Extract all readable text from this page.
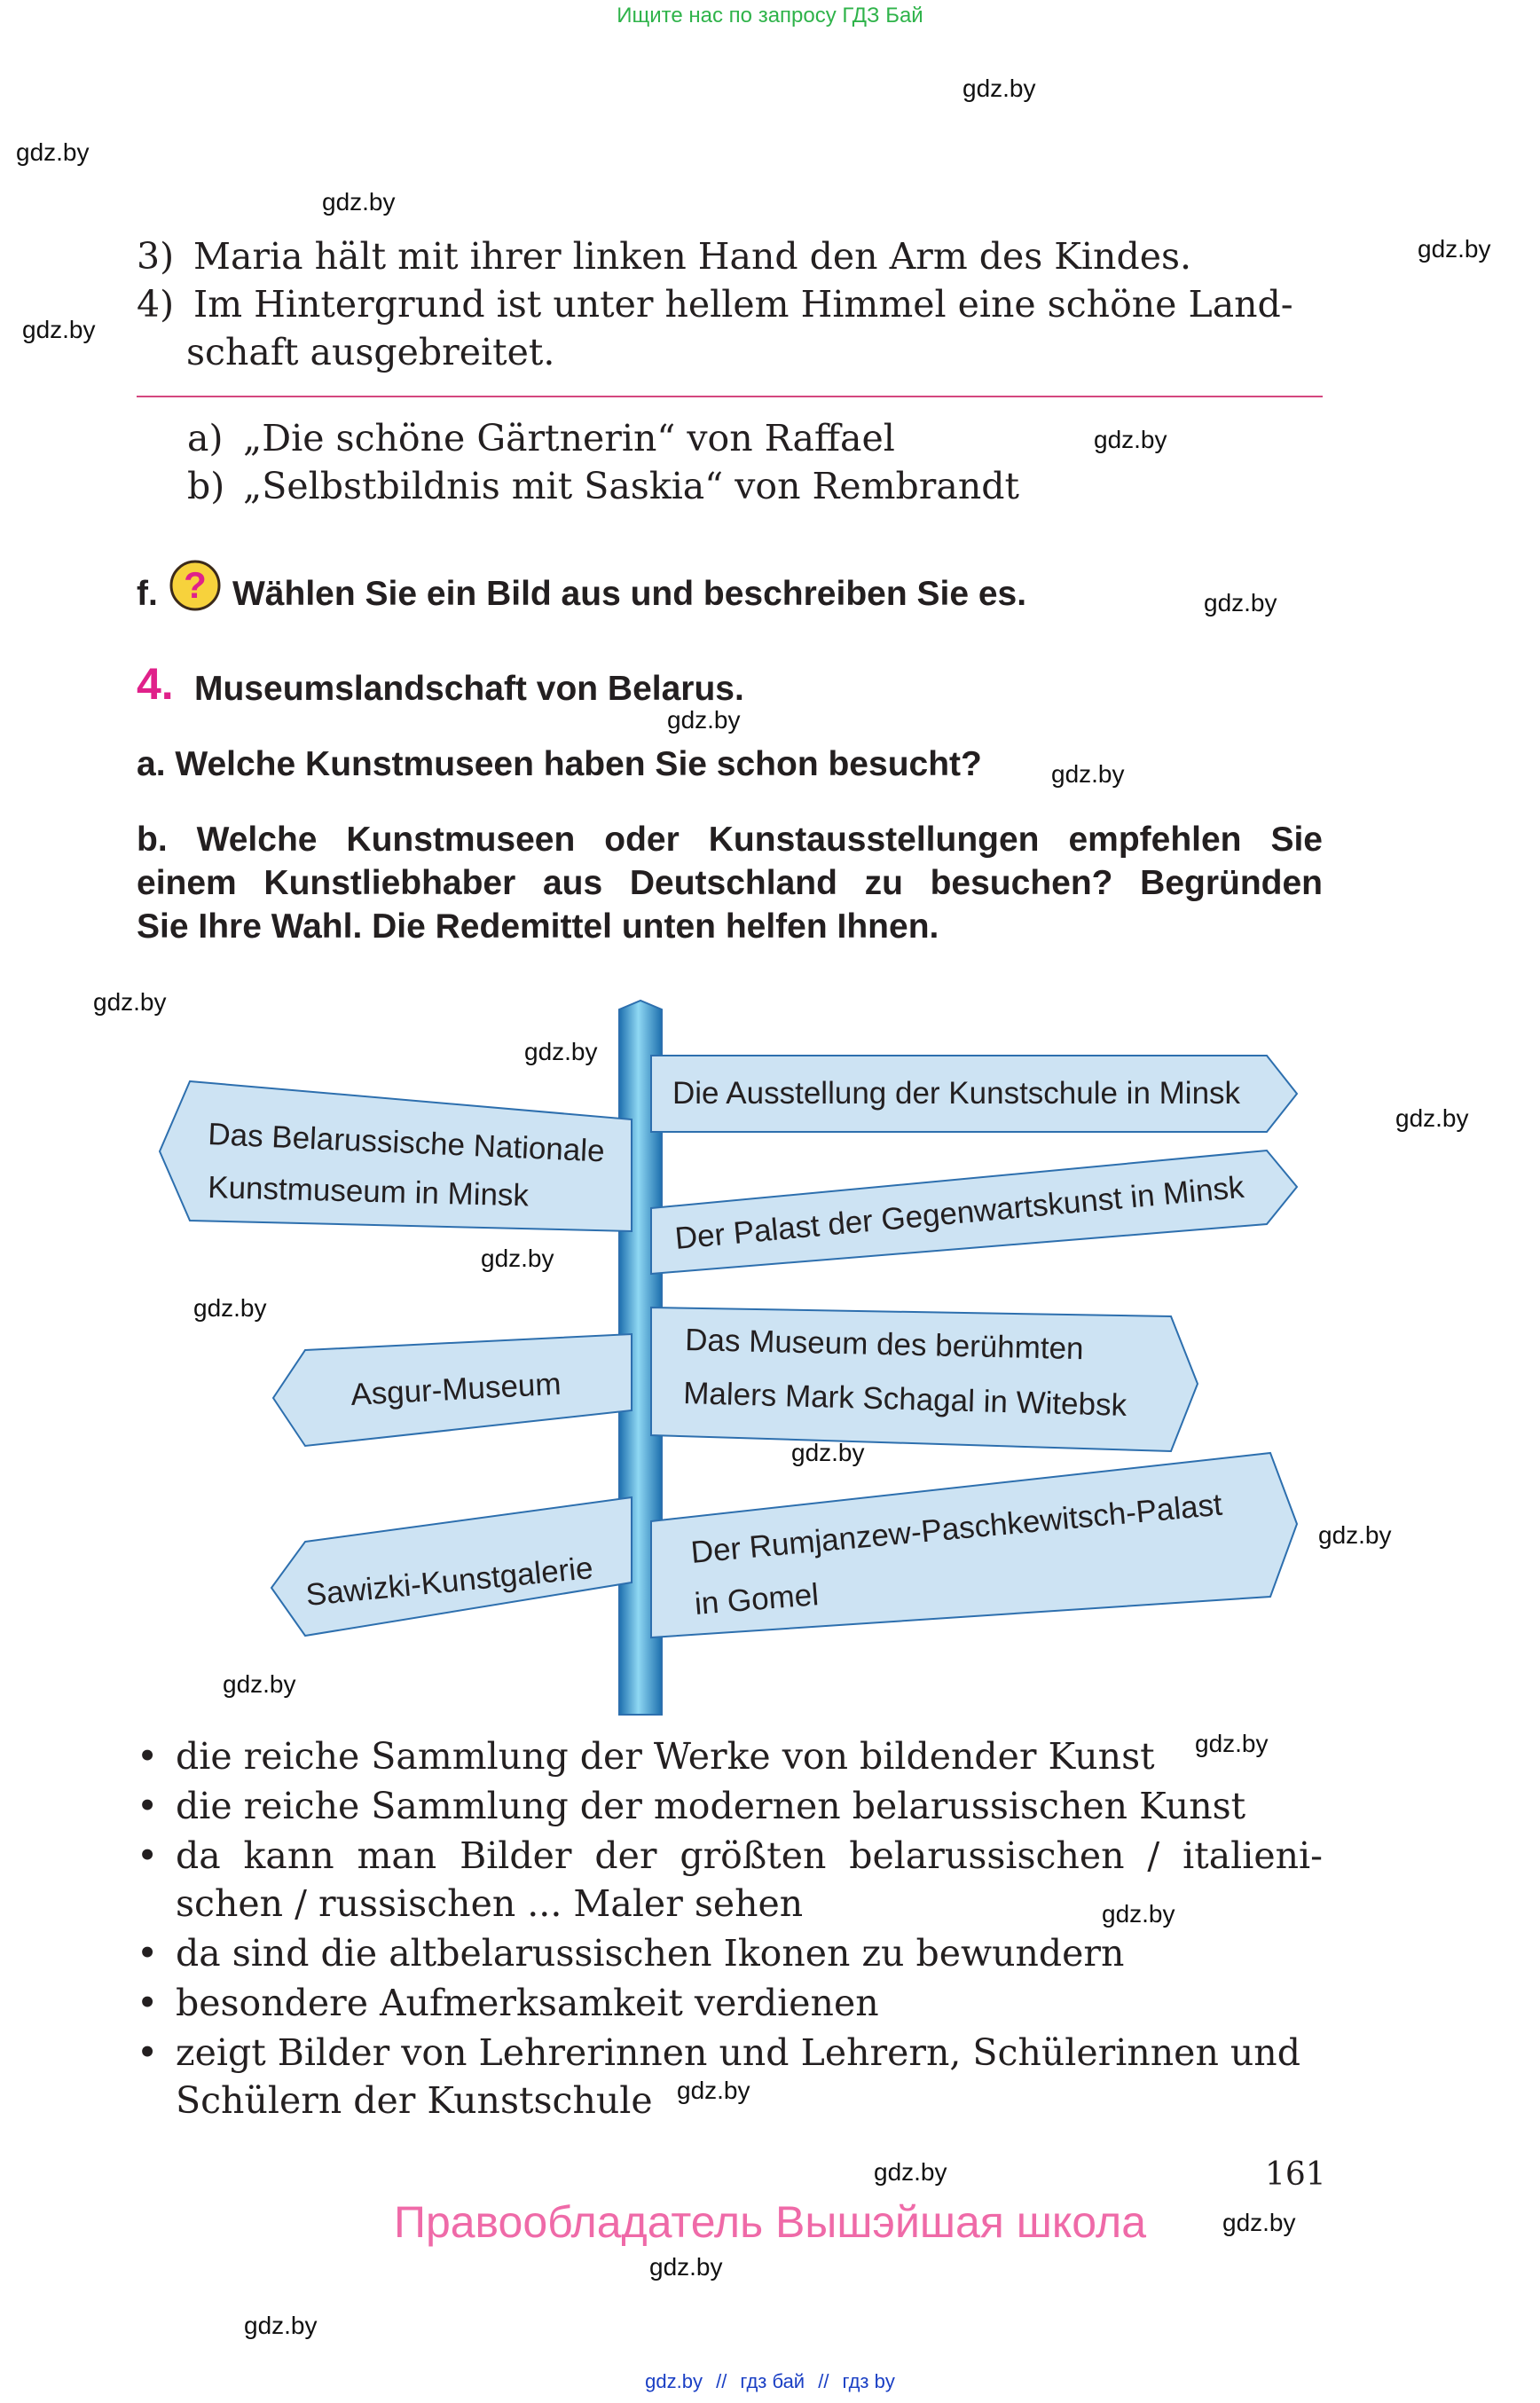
Ищите нас по запросу ГДЗ Бай
gdz.by
gdz.by
gdz.by
gdz.by
gdz.by
gdz.by
gdz.by
gdz.by
gdz.by
gdz.by
gdz.by
gdz.by
gdz.by
gdz.by
gdz.by
gdz.by
gdz.by
gdz.by
gdz.by
gdz.by
gdz.by
gdz.by
gdz.by
gdz.by
3) Maria hält mit ihrer linken Hand den Arm des Kindes.
4) Im Hintergrund ist unter hellem Himmel eine schöne Land-
schaft ausgebreitet.
a) „Die schöne Gärtnerin“ von Raffael
b) „Selbstbildnis mit Saskia“ von Rembrandt
f. ? Wählen Sie ein Bild aus und beschreiben Sie es.
4. Museumslandschaft von Belarus.
a. Welche Kunstmuseen haben Sie schon besucht?
b. Welche Kunstmuseen oder Kunstausstellungen empfehlen Sie
einem Kunstliebhaber aus Deutschland zu besuchen? Begründen
Sie Ihre Wahl. Die Redemittel unten helfen Ihnen.
Das Belarussische Nationale
Kunstmuseum in Minsk
Asgur-Museum
Sawizki-Kunstgalerie
Die Ausstellung der Kunstschule in Minsk
Der Palast der Gegenwartskunst in Minsk
Das Museum des berühmten
Malers Mark Schagal in Witebsk
Der Rumjanzew-Paschkewitsch-Palast
in Gomel
• die reiche Sammlung der Werke von bildender Kunst
• die reiche Sammlung der modernen belarussischen Kunst
• da kann man Bilder der größten belarussischen / italieni-
schen / russischen ... Maler sehen
• da sind die altbelarussischen Ikonen zu bewundern
• besondere Aufmerksamkeit verdienen
• zeigt Bilder von Lehrerinnen und Lehrern, Schülerinnen und
Schülern der Kunstschule
161
Правообладатель Вышэйшая школа
gdz.by // гдз бай // гдз by
